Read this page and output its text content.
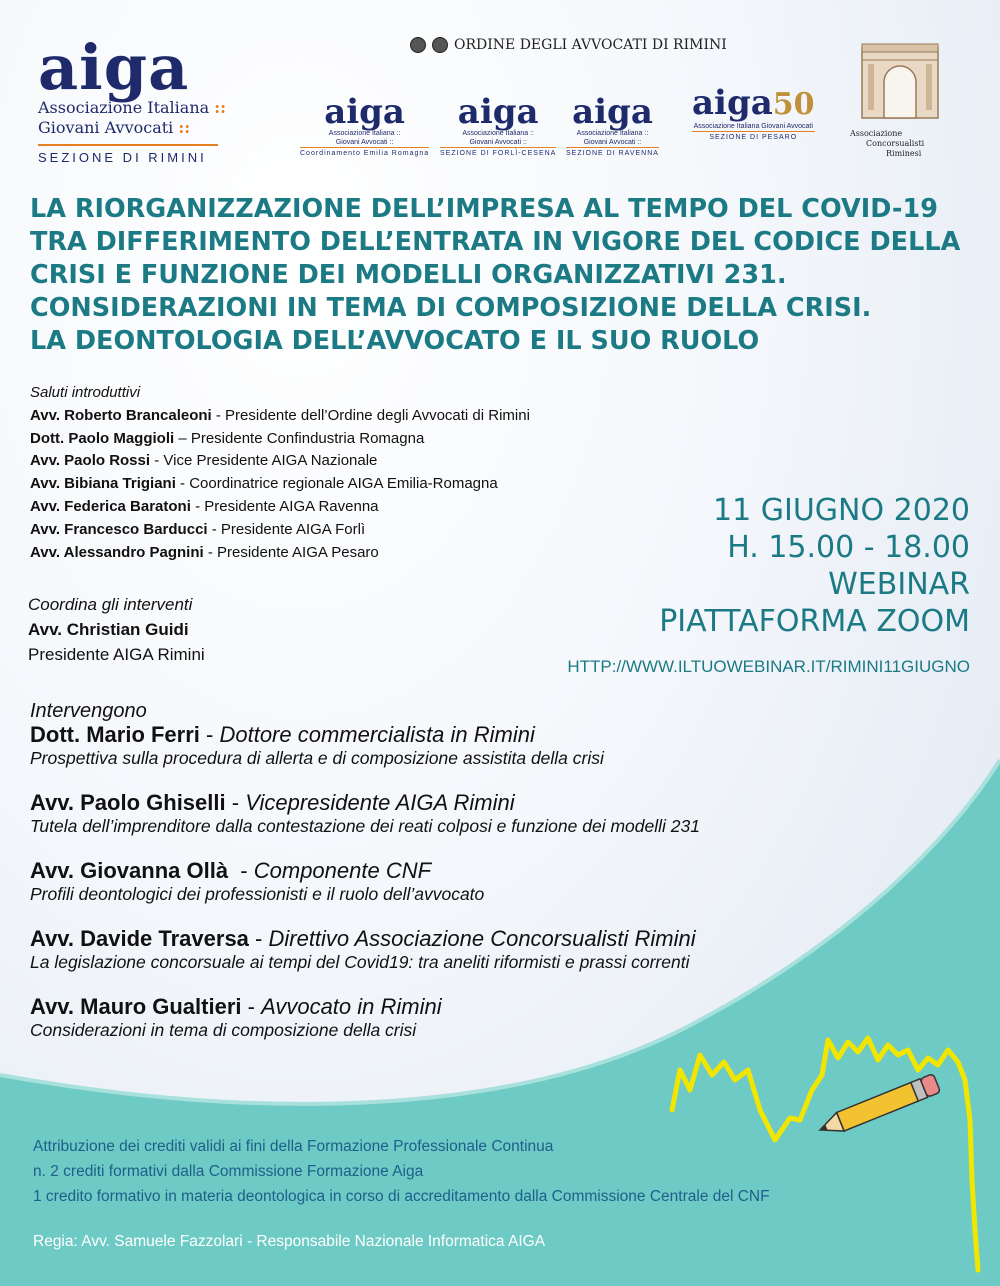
aiga
Associazione Italiana ::
Giovani Avvocati ::
SEZIONE DI RIMINI
ORDINE DEGLI AVVOCATI DI RIMINI
aiga
Associazione Italiana ::
Giovani Avvocati ::
Coordinamento Emilia Romagna
aiga
Associazione Italiana ::
Giovani Avvocati ::
SEZIONE DI FORLÌ-CESENA
aiga
Associazione Italiana ::
Giovani Avvocati ::
SEZIONE DI RAVENNA
aiga50
Associazione Italiana Giovani Avvocati
SEZIONE DI PESARO	Associazione
Concorsualisti
Riminesi
LA RIORGANIZZAZIONE DELL’IMPRESA AL TEMPO DEL COVID-19
TRA DIFFERIMENTO DELL’ENTRATA IN VIGORE DEL CODICE DELLA
CRISI E FUNZIONE DEI MODELLI ORGANIZZATIVI 231.
CONSIDERAZIONI IN TEMA DI COMPOSIZIONE DELLA CRISI.
LA DEONTOLOGIA DELL’AVVOCATO E IL SUO RUOLO
Saluti introduttivi
Avv. Roberto Brancaleoni - Presidente dell’Ordine degli Avvocati di Rimini
Dott. Paolo Maggioli – Presidente Confindustria Romagna
Avv. Paolo Rossi - Vice Presidente AIGA Nazionale
Avv. Bibiana Trigiani - Coordinatrice regionale AIGA Emilia-Romagna
Avv. Federica Baratoni - Presidente AIGA Ravenna
Avv. Francesco Barducci - Presidente AIGA Forlì
Avv. Alessandro Pagnini - Presidente AIGA Pesaro
Coordina gli interventi
Avv. Christian Guidi
Presidente AIGA Rimini
11 GIUGNO 2020
H. 15.00 - 18.00
WEBINAR
PIATTAFORMA ZOOM
HTTP://WWW.ILTUOWEBINAR.IT/RIMINI11GIUGNO
Intervengono
Dott. Mario Ferri - Dottore commercialista in Rimini
Prospettiva sulla procedura di allerta e di composizione assistita della crisi
Avv. Paolo Ghiselli - Vicepresidente AIGA Rimini
Tutela dell’imprenditore dalla contestazione dei reati colposi e funzione dei modelli 231
Avv. Giovanna Ollà  - Componente CNF
Profili deontologici dei professionisti e il ruolo dell’avvocato
Avv. Davide Traversa - Direttivo Associazione Concorsualisti Rimini
La legislazione concorsuale ai tempi del Covid19: tra aneliti riformisti e prassi correnti
Avv. Mauro Gualtieri - Avvocato in Rimini
Considerazioni in tema di composizione della crisi
Attribuzione dei crediti validi ai fini della Formazione Professionale Continua
n. 2 crediti formativi dalla Commissione Formazione Aiga
1 credito formativo in materia deontologica in corso di accreditamento dalla Commissione Centrale del CNF
Regia: Avv. Samuele Fazzolari - Responsabile Nazionale Informatica AIGA
